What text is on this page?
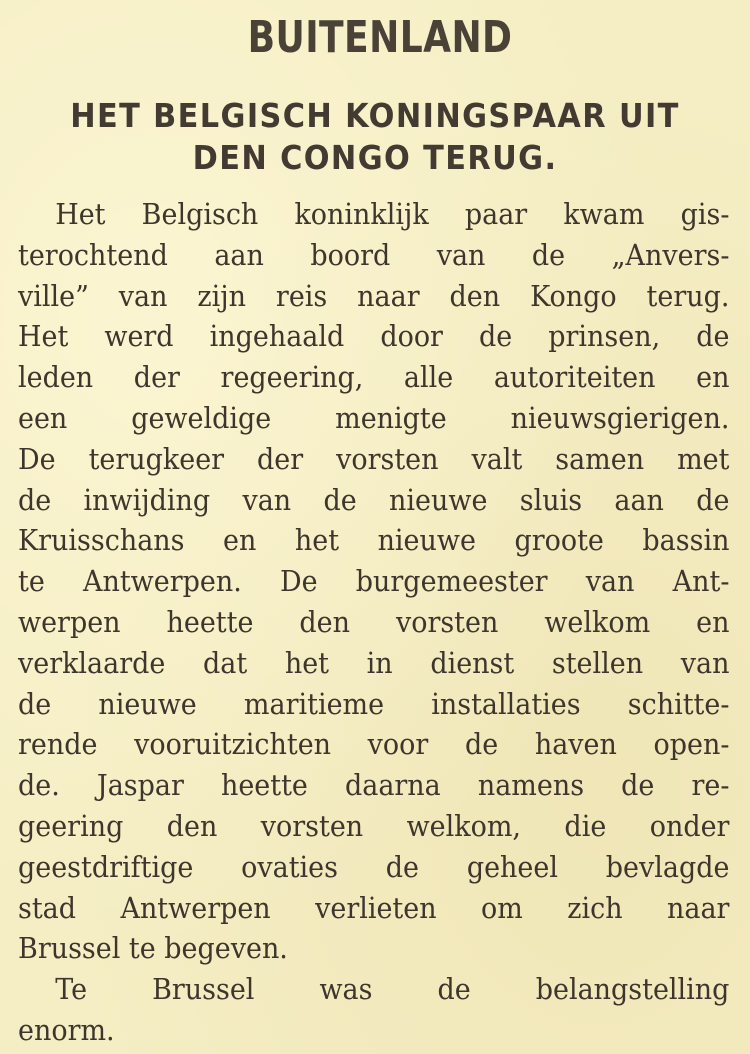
BUITENLAND
HET BELGISCH KONINGSPAAR UIT
DEN CONGO TERUG.
Het Belgisch koninklijk paar kwam gis-
terochtend aan boord van de „Anvers-
ville” van zijn reis naar den Kongo terug.
Het werd ingehaald door de prinsen, de
leden der regeering, alle autoriteiten en
een geweldige menigte nieuwsgierigen.
De terugkeer der vorsten valt samen met
de inwijding van de nieuwe sluis aan de
Kruisschans en het nieuwe groote bassin
te Antwerpen. De burgemeester van Ant-
werpen heette den vorsten welkom en
verklaarde dat het in dienst stellen van
de nieuwe maritieme installaties schitte-
rende vooruitzichten voor de haven open-
de. Jaspar heette daarna namens de re-
geering den vorsten welkom, die onder
geestdriftige ovaties de geheel bevlagde
stad Antwerpen verlieten om zich naar
Brussel te begeven.
Te Brussel was de belangstelling
enorm.
